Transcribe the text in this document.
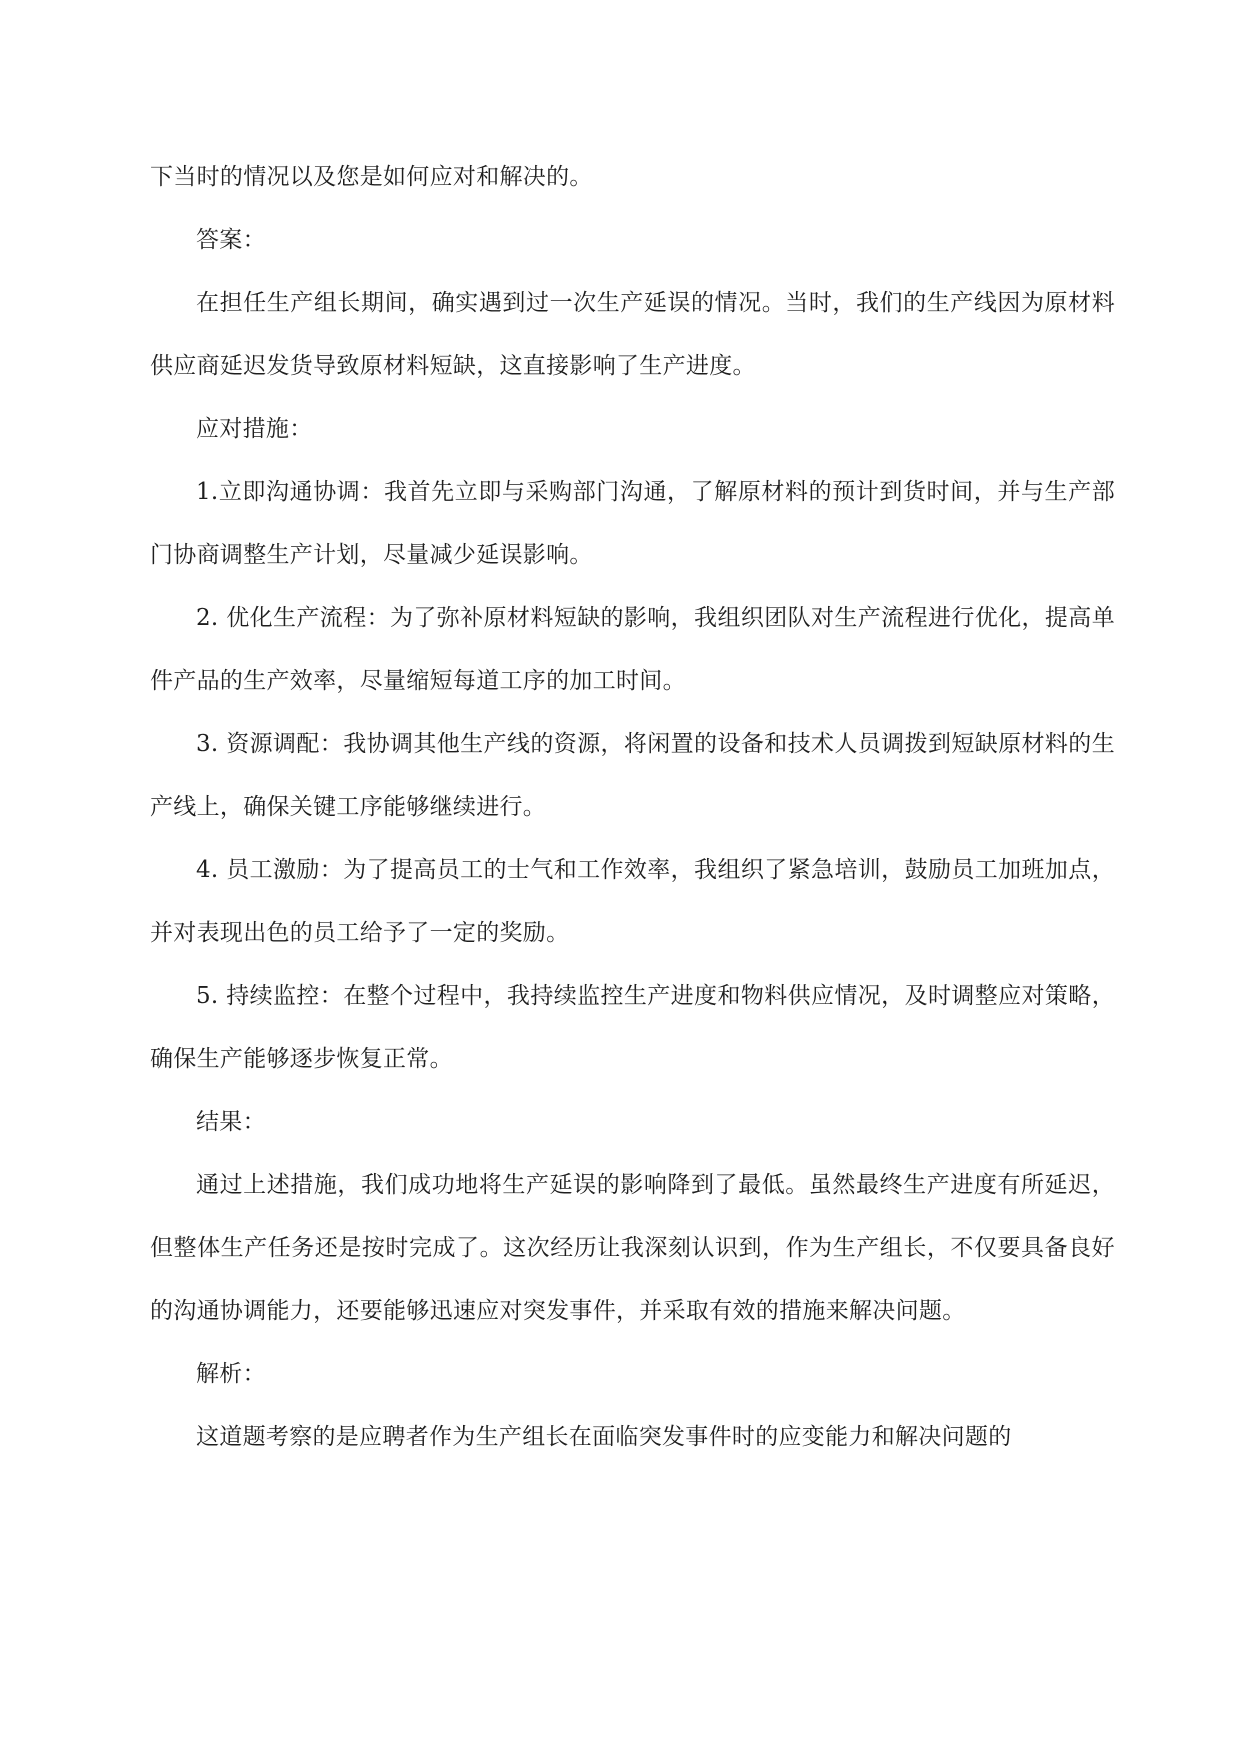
下当时的情况以及您是如何应对和解决的。

答案：

在担任生产组长期间，确实遇到过一次生产延误的情况。当时，我们的生产线因为原材料供应商延迟发货导致原材料短缺，这直接影响了生产进度。

应对措施：

1.立即沟通协调：我首先立即与采购部门沟通，了解原材料的预计到货时间，并与生产部门协商调整生产计划，尽量减少延误影响。

2. 优化生产流程：为了弥补原材料短缺的影响，我组织团队对生产流程进行优化，提高单件产品的生产效率，尽量缩短每道工序的加工时间。

3. 资源调配：我协调其他生产线的资源，将闲置的设备和技术人员调拨到短缺原材料的生产线上，确保关键工序能够继续进行。

4. 员工激励：为了提高员工的士气和工作效率，我组织了紧急培训，鼓励员工加班加点，并对表现出色的员工给予了一定的奖励。

5. 持续监控：在整个过程中，我持续监控生产进度和物料供应情况，及时调整应对策略，确保生产能够逐步恢复正常。

结果：

通过上述措施，我们成功地将生产延误的影响降到了最低。虽然最终生产进度有所延迟，但整体生产任务还是按时完成了。这次经历让我深刻认识到，作为生产组长，不仅要具备良好的沟通协调能力，还要能够迅速应对突发事件，并采取有效的措施来解决问题。

解析：

这道题考察的是应聘者作为生产组长在面临突发事件时的应变能力和解决问题的
